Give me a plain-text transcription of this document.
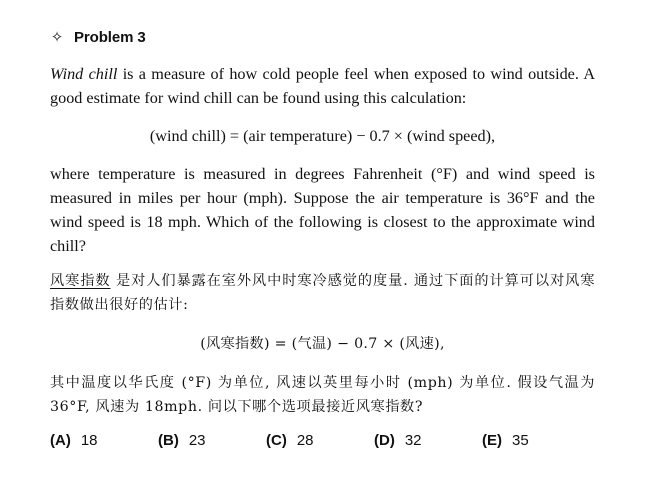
✧ Problem 3

Wind chill is a measure of how cold people feel when exposed to wind outside. A good estimate for wind chill can be found using this calculation:

(wind chill) = (air temperature) − 0.7 × (wind speed),

where temperature is measured in degrees Fahrenheit (°F) and wind speed is measured in miles per hour (mph). Suppose the air temperature is 36°F and the wind speed is 18 mph. Which of the following is closest to the approximate wind chill?

风寒指数 是对人们暴露在室外风中时寒冷感觉的度量. 通过下面的计算可以对风寒指数做出很好的估计:

(风寒指数) = (气温) − 0.7 × (风速),

其中温度以华氏度 (°F) 为单位, 风速以英里每小时 (mph) 为单位. 假设气温为 36°F, 风速为 18mph. 问以下哪个选项最接近风寒指数?

(A) 18	(B) 23	(C) 28	(D) 32	(E) 35
